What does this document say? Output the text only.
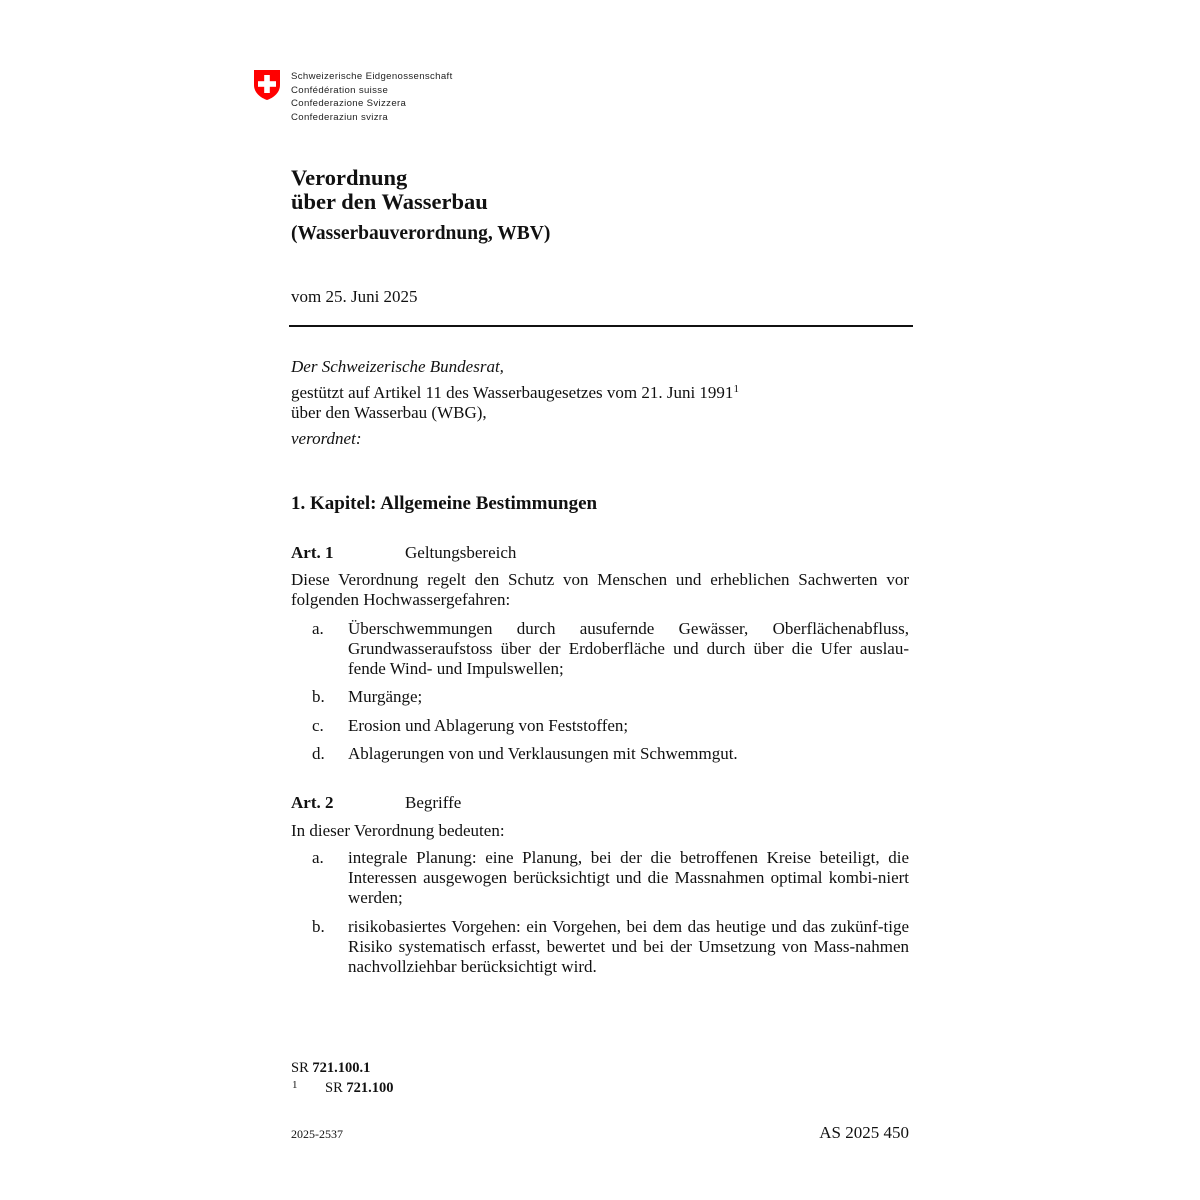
Schweizerische Eidgenossenschaft
Confédération suisse
Confederazione Svizzera
Confederaziun svizra
Verordnung
über den Wasserbau
(Wasserbauverordnung, WBV)
vom 25. Juni 2025
Der Schweizerische Bundesrat,
gestützt auf Artikel 11 des Wasserbaugesetzes vom 21. Juni 1991$^1$
über den Wasserbau (WBG),
verordnet:
1. Kapitel: Allgemeine Bestimmungen
Art. 1	Geltungsbereich
Diese Verordnung regelt den Schutz von Menschen und erheblichen Sachwerten vor folgenden Hochwassergefahren:
a. Überschwemmungen durch ausufernde Gewässer, Oberflächenabfluss, Grundwasseraufstoss über der Erdoberfläche und durch über die Ufer auslau-fende Wind- und Impulswellen;
b. Murgänge;
c. Erosion und Ablagerung von Feststoffen;
d. Ablagerungen von und Verklausungen mit Schwemmgut.
Art. 2	Begriffe
In dieser Verordnung bedeuten:
a. integrale Planung: eine Planung, bei der die betroffenen Kreise beteiligt, die Interessen ausgewogen berücksichtigt und die Massnahmen optimal kombi-niert werden;
b. risikobasiertes Vorgehen: ein Vorgehen, bei dem das heutige und das zukünf-tige Risiko systematisch erfasst, bewertet und bei der Umsetzung von Mass-nahmen nachvollziehbar berücksichtigt wird.
SR 721.100.1
1 SR 721.100
2025-2537	AS 2025 450
